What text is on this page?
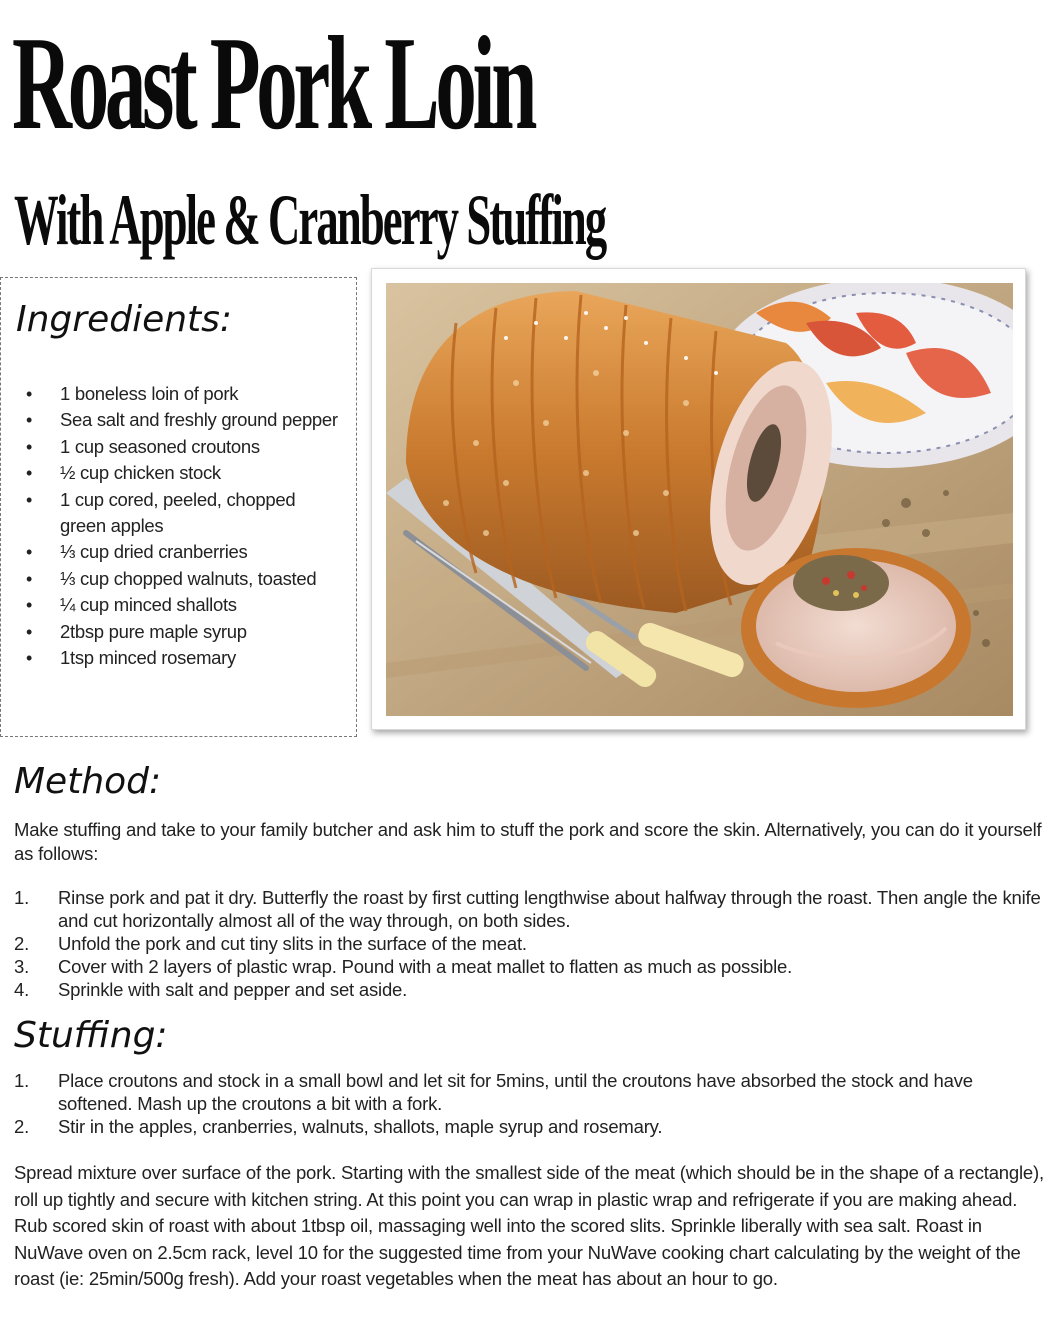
Roast Pork Loin
With Apple & Cranberry Stuffing
Ingredients:
• 1 boneless loin of pork
• Sea salt and freshly ground pepper
• 1 cup seasoned croutons
• ½ cup chicken stock
• 1 cup cored, peeled, chopped green apples
• ⅓ cup dried cranberries
• ⅓ cup chopped walnuts, toasted
• ¼ cup minced shallots
• 2tbsp pure maple syrup
• 1tsp minced rosemary
Method:

Make stuffing and take to your family butcher and ask him to stuff the pork and score the skin. Alternatively, you can do it yourself as follows:

1. Rinse pork and pat it dry. Butterfly the roast by first cutting lengthwise about halfway through the roast. Then angle the knife and cut horizontally almost all of the way through, on both sides.
2. Unfold the pork and cut tiny slits in the surface of the meat.
3. Cover with 2 layers of plastic wrap. Pound with a meat mallet to flatten as much as possible.
4. Sprinkle with salt and pepper and set aside.
Stuffing:
1. Place croutons and stock in a small bowl and let sit for 5mins, until the croutons have absorbed the stock and have softened. Mash up the croutons a bit with a fork.
2. Stir in the apples, cranberries, walnuts, shallots, maple syrup and rosemary.

Spread mixture over surface of the pork. Starting with the smallest side of the meat (which should be in the shape of a rectangle), roll up tightly and secure with kitchen string. At this point you can wrap in plastic wrap and refrigerate if you are making ahead. Rub scored skin of roast with about 1tbsp oil, massaging well into the scored slits. Sprinkle liberally with sea salt. Roast in NuWave oven on 2.5cm rack, level 10 for the suggested time from your NuWave cooking chart calculating by the weight of the roast (ie: 25min/500g fresh). Add your roast vegetables when the meat has about an hour to go.
